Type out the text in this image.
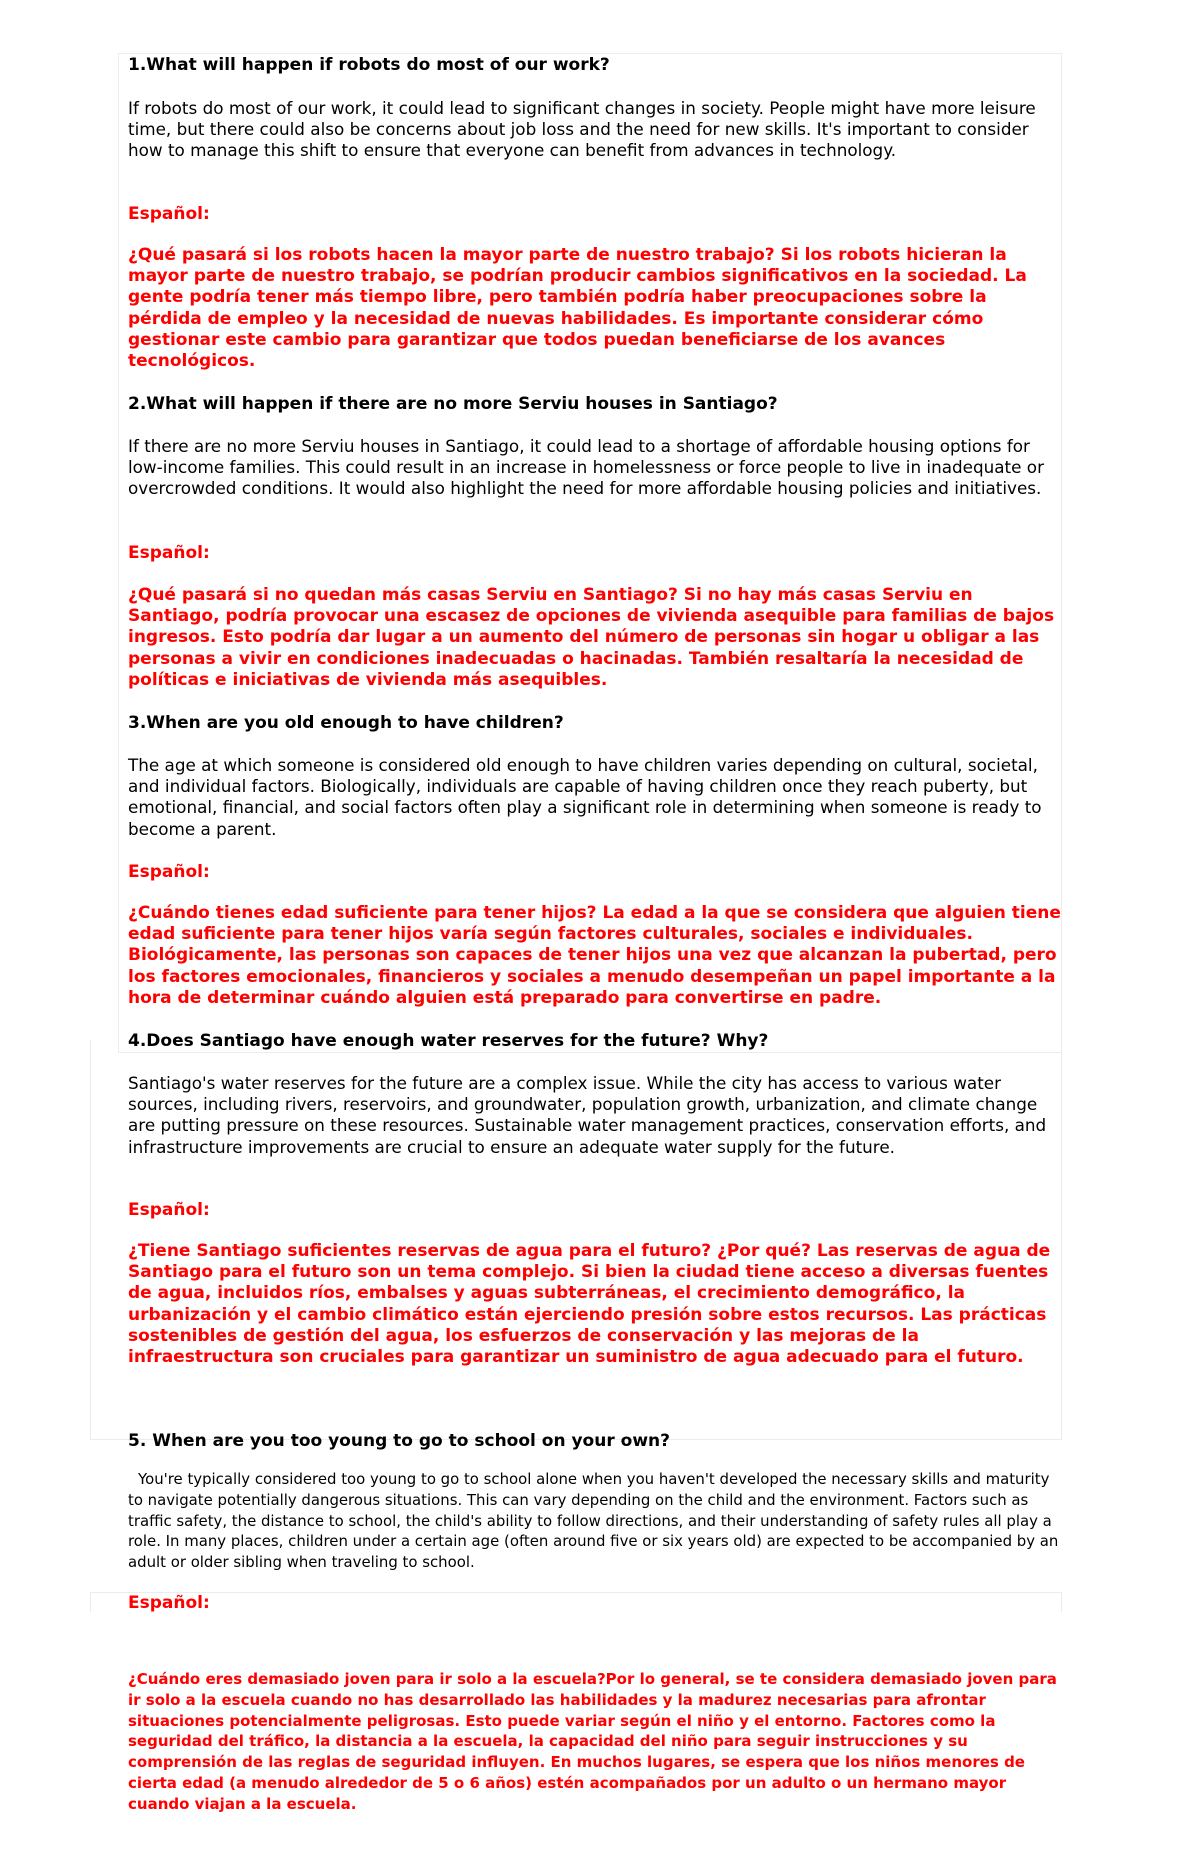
1.What will happen if robots do most of our work?

If robots do most of our work, it could lead to significant changes in society. People might have more leisure time, but there could also be concerns about job loss and the need for new skills. It's important to consider how to manage this shift to ensure that everyone can benefit from advances in technology.

Español:

¿Qué pasará si los robots hacen la mayor parte de nuestro trabajo? Si los robots hicieran la mayor parte de nuestro trabajo, se podrían producir cambios significativos en la sociedad. La gente podría tener más tiempo libre, pero también podría haber preocupaciones sobre la pérdida de empleo y la necesidad de nuevas habilidades. Es importante considerar cómo gestionar este cambio para garantizar que todos puedan beneficiarse de los avances tecnológicos.

2.What will happen if there are no more Serviu houses in Santiago?

If there are no more Serviu houses in Santiago, it could lead to a shortage of affordable housing options for low-income families. This could result in an increase in homelessness or force people to live in inadequate or overcrowded conditions. It would also highlight the need for more affordable housing policies and initiatives.

Español:

¿Qué pasará si no quedan más casas Serviu en Santiago? Si no hay más casas Serviu en Santiago, podría provocar una escasez de opciones de vivienda asequible para familias de bajos ingresos. Esto podría dar lugar a un aumento del número de personas sin hogar u obligar a las personas a vivir en condiciones inadecuadas o hacinadas. También resaltaría la necesidad de políticas e iniciativas de vivienda más asequibles.

3.When are you old enough to have children?

The age at which someone is considered old enough to have children varies depending on cultural, societal, and individual factors. Biologically, individuals are capable of having children once they reach puberty, but emotional, financial, and social factors often play a significant role in determining when someone is ready to become a parent.

Español:

¿Cuándo tienes edad suficiente para tener hijos? La edad a la que se considera que alguien tiene edad suficiente para tener hijos varía según factores culturales, sociales e individuales. Biológicamente, las personas son capaces de tener hijos una vez que alcanzan la pubertad, pero los factores emocionales, financieros y sociales a menudo desempeñan un papel importante a la hora de determinar cuándo alguien está preparado para convertirse en padre.

4.Does Santiago have enough water reserves for the future? Why?

Santiago's water reserves for the future are a complex issue. While the city has access to various water sources, including rivers, reservoirs, and groundwater, population growth, urbanization, and climate change are putting pressure on these resources. Sustainable water management practices, conservation efforts, and infrastructure improvements are crucial to ensure an adequate water supply for the future.

Español:

¿Tiene Santiago suficientes reservas de agua para el futuro? ¿Por qué? Las reservas de agua de Santiago para el futuro son un tema complejo. Si bien la ciudad tiene acceso a diversas fuentes de agua, incluidos ríos, embalses y aguas subterráneas, el crecimiento demográfico, la urbanización y el cambio climático están ejerciendo presión sobre estos recursos. Las prácticas sostenibles de gestión del agua, los esfuerzos de conservación y las mejoras de la infraestructura son cruciales para garantizar un suministro de agua adecuado para el futuro.

5. When are you too young to go to school on your own?

You're typically considered too young to go to school alone when you haven't developed the necessary skills and maturity to navigate potentially dangerous situations. This can vary depending on the child and the environment. Factors such as traffic safety, the distance to school, the child's ability to follow directions, and their understanding of safety rules all play a role. In many places, children under a certain age (often around five or six years old) are expected to be accompanied by an adult or older sibling when traveling to school.

Español:

¿Cuándo eres demasiado joven para ir solo a la escuela?Por lo general, se te considera demasiado joven para ir solo a la escuela cuando no has desarrollado las habilidades y la madurez necesarias para afrontar situaciones potencialmente peligrosas. Esto puede variar según el niño y el entorno. Factores como la seguridad del tráfico, la distancia a la escuela, la capacidad del niño para seguir instrucciones y su comprensión de las reglas de seguridad influyen. En muchos lugares, se espera que los niños menores de cierta edad (a menudo alrededor de 5 o 6 años) estén acompañados por un adulto o un hermano mayor cuando viajan a la escuela.
